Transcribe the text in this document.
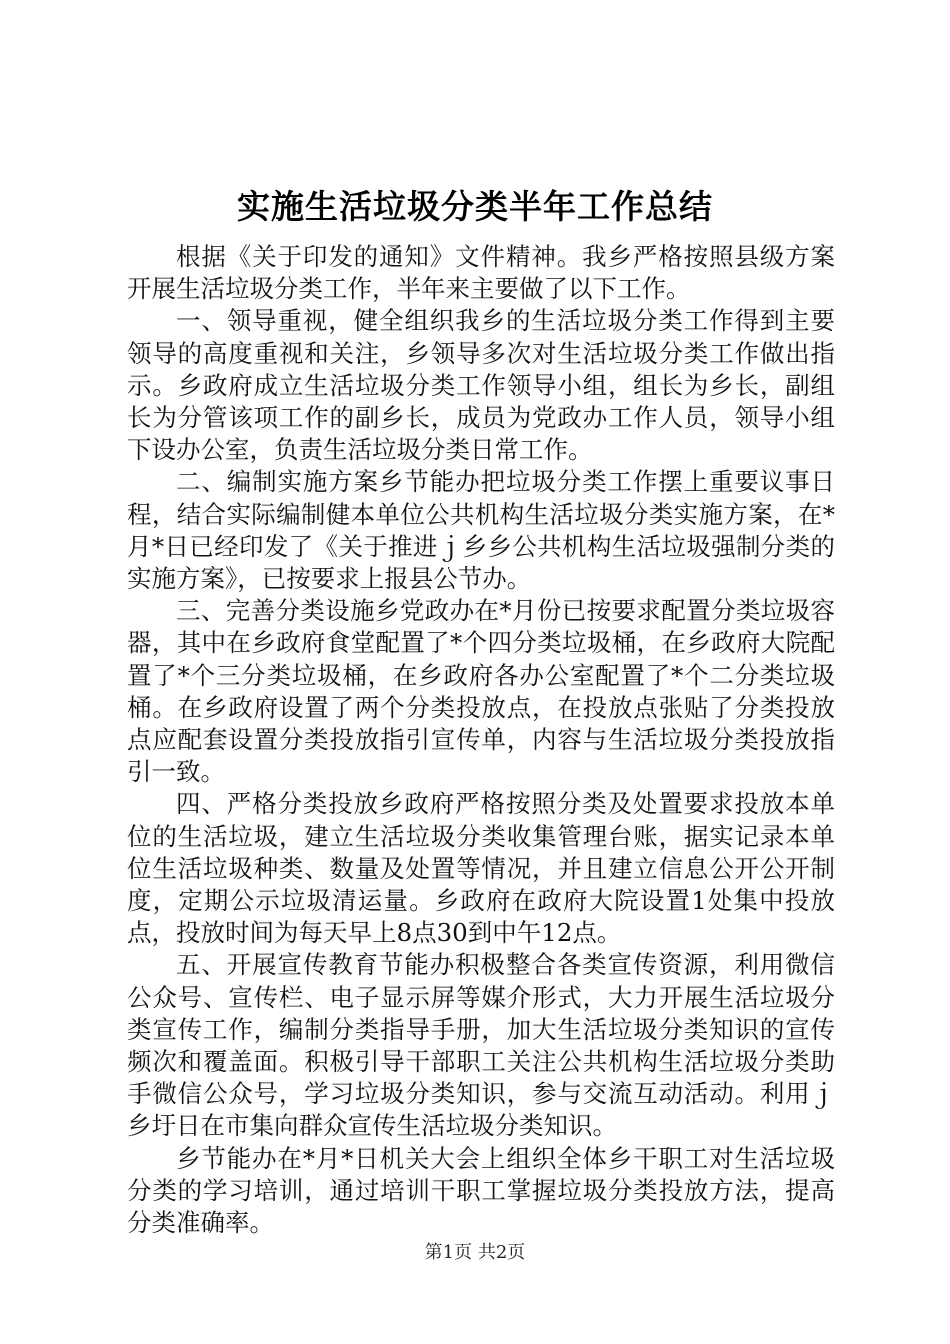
实施生活垃圾分类半年工作总结

根据《关于印发的通知》文件精神。我乡严格按照县级方案开展生活垃圾分类工作，半年来主要做了以下工作。

一、领导重视，健全组织我乡的生活垃圾分类工作得到主要领导的高度重视和关注，乡领导多次对生活垃圾分类工作做出指示。乡政府成立生活垃圾分类工作领导小组，组长为乡长，副组长为分管该项工作的副乡长，成员为党政办工作人员，领导小组下设办公室，负责生活垃圾分类日常工作。

二、编制实施方案乡节能办把垃圾分类工作摆上重要议事日程，结合实际编制健本单位公共机构生活垃圾分类实施方案，在*月*日已经印发了《关于推进ｊ乡乡公共机构生活垃圾强制分类的实施方案》，已按要求上报县公节办。

三、完善分类设施乡党政办在*月份已按要求配置分类垃圾容器，其中在乡政府食堂配置了*个四分类垃圾桶，在乡政府大院配置了*个三分类垃圾桶，在乡政府各办公室配置了*个二分类垃圾桶。在乡政府设置了两个分类投放点，在投放点张贴了分类投放点应配套设置分类投放指引宣传单，内容与生活垃圾分类投放指引一致。

四、严格分类投放乡政府严格按照分类及处置要求投放本单位的生活垃圾，建立生活垃圾分类收集管理台账，据实记录本单位生活垃圾种类、数量及处置等情况，并且建立信息公开公开制度，定期公示垃圾清运量。乡政府在政府大院设置1处集中投放点，投放时间为每天早上8点30到中午12点。

五、开展宣传教育节能办积极整合各类宣传资源，利用微信公众号、宣传栏、电子显示屏等媒介形式，大力开展生活垃圾分类宣传工作，编制分类指导手册，加大生活垃圾分类知识的宣传频次和覆盖面。积极引导干部职工关注公共机构生活垃圾分类助手微信公众号，学习垃圾分类知识，参与交流互动活动。利用ｊ乡圩日在市集向群众宣传生活垃圾分类知识。

乡节能办在*月*日机关大会上组织全体乡干职工对生活垃圾分类的学习培训，通过培训干职工掌握垃圾分类投放方法，提高分类准确率。

第1页 共2页
